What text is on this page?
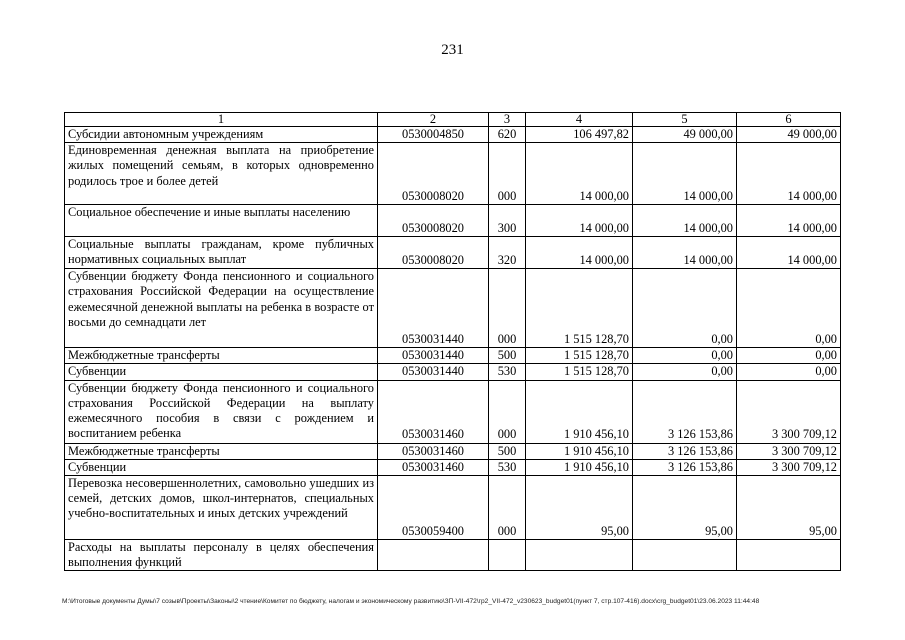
231
1	2	3	4	5	6
Субсидии автономным учреждениям	0530004850	620	106 497,82	49 000,00	49 000,00
Единовременная денежная выплата на приобретение жилых помещений семьям, в которых одновременно родилось трое и более детей	0530008020	000	14 000,00	14 000,00	14 000,00
Социальное обеспечение и иные выплаты населению	0530008020	300	14 000,00	14 000,00	14 000,00
Социальные выплаты гражданам, кроме публичных нормативных социальных выплат	0530008020	320	14 000,00	14 000,00	14 000,00
Субвенции бюджету Фонда пенсионного и социального страхования Российской Федерации на осуществление ежемесячной денежной выплаты на ребенка в возрасте от восьми до семнадцати лет	0530031440	000	1 515 128,70	0,00	0,00
Межбюджетные трансферты	0530031440	500	1 515 128,70	0,00	0,00
Субвенции	0530031440	530	1 515 128,70	0,00	0,00
Субвенции бюджету Фонда пенсионного и социального страхования Российской Федерации на выплату ежемесячного пособия в связи с рождением и воспитанием ребенка	0530031460	000	1 910 456,10	3 126 153,86	3 300 709,12
Межбюджетные трансферты	0530031460	500	1 910 456,10	3 126 153,86	3 300 709,12
Субвенции	0530031460	530	1 910 456,10	3 126 153,86	3 300 709,12
Перевозка несовершеннолетних, самовольно ушедших из семей, детских домов, школ-интернатов, специальных учебно-воспитательных и иных детских учреждений	0530059400	000	95,00	95,00	95,00
Расходы на выплаты персоналу в целях обеспечения выполнения функций					
M:\Итоговые документы Думы\7 созыв\Проекты\Законы\2 чтение\Комитет по бюджету, налогам и экономическому развитию\ЗП-VII-472\гр2_VII-472_v230623_budget01(пункт 7, стр.107-416).docx\crg_budget01\23.06.2023 11:44:48
